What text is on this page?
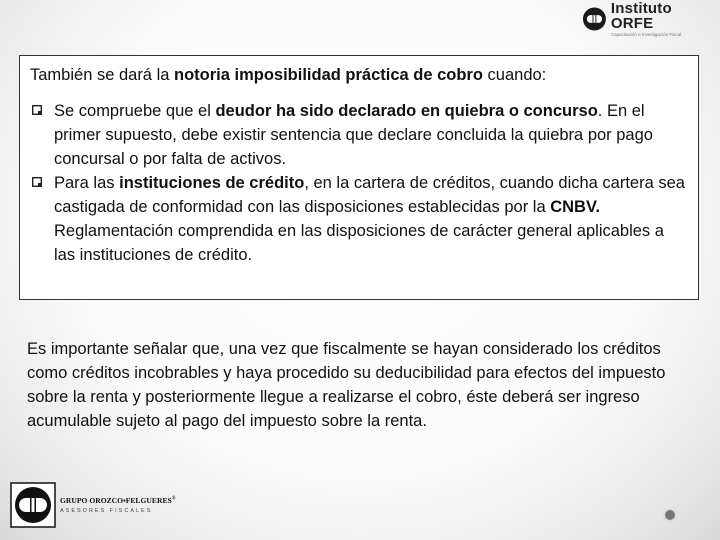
Instituto ORFE
Capacitación e Investigación Fiscal

También se dará la notoria imposibilidad práctica de cobro cuando:

Se compruebe que el deudor ha sido declarado en quiebra o concurso. En el primer supuesto, debe existir sentencia que declare concluida la quiebra por pago concursal o por falta de activos.
Para las instituciones de crédito, en la cartera de créditos, cuando dicha cartera sea castigada de conformidad con las disposiciones establecidas por la CNBV. Reglamentación comprendida en las disposiciones de carácter general aplicables a las instituciones de crédito.

Es importante señalar que, una vez que fiscalmente se hayan considerado los créditos como créditos incobrables y haya procedido su deducibilidad para efectos del impuesto sobre la renta y posteriormente llegue a realizarse el cobro, éste deberá ser ingreso acumulable sujeto al pago del impuesto sobre la renta.

GRUPO OROZCO•FELGUERES®
ASESORES FISCALES
